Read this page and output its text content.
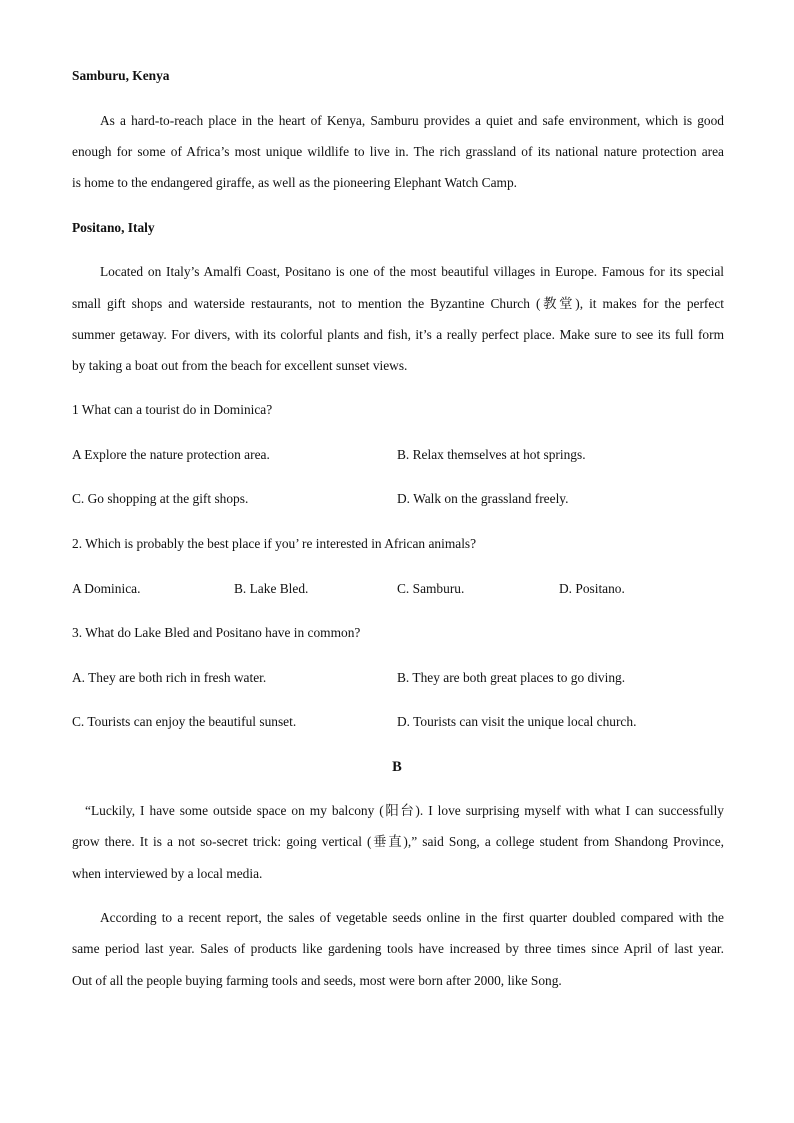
Samburu, Kenya
As a hard-to-reach place in the heart of Kenya, Samburu provides a quiet and safe environment, which is good
enough for some of Africa’s most unique wildlife to live in. The rich grassland of its national nature protection area
is home to the endangered giraffe, as well as the pioneering Elephant Watch Camp.
Positano, Italy
Located on Italy’s Amalfi Coast, Positano is one of the most beautiful villages in Europe. Famous for its special
small gift shops and waterside restaurants, not to mention the Byzantine Church (教堂), it makes for the perfect
summer getaway. For divers, with its colorful plants and fish, it’s a really perfect place. Make sure to see its full form
by taking a boat out from the beach for excellent sunset views.
1 What can a tourist do in Dominica?
A Explore the nature protection area.	B. Relax themselves at hot springs.
C. Go shopping at the gift shops.	D. Walk on the grassland freely.
2. Which is probably the best place if you’ re interested in African animals?
A Dominica.	B. Lake Bled.	C. Samburu.	D. Positano.
3. What do Lake Bled and Positano have in common?
A. They are both rich in fresh water.	B. They are both great places to go diving.
C. Tourists can enjoy the beautiful sunset.	D. Tourists can visit the unique local church.
B
“Luckily, I have some outside space on my balcony (阳台). I love surprising myself with what I can successfully
grow there. It is a not so-secret trick: going vertical (垂直),” said Song, a college student from Shandong Province,
when interviewed by a local media.
According to a recent report, the sales of vegetable seeds online in the first quarter doubled compared with the
same period last year. Sales of products like gardening tools have increased by three times since April of last year.
Out of all the people buying farming tools and seeds, most were born after 2000, like Song.
